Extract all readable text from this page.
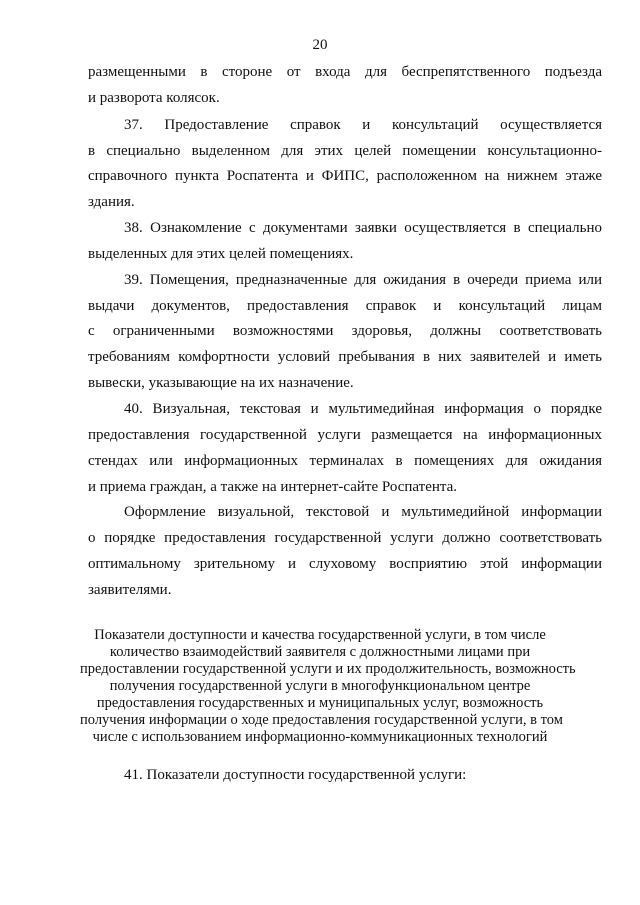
20
размещенными в стороне от входа для беспрепятственного подъезда
и разворота колясок.
37. Предоставление справок и консультаций осуществляется
в специально выделенном для этих целей помещении консультационно-
справочного пункта Роспатента и ФИПС, расположенном на нижнем этаже
здания.
38. Ознакомление с документами заявки осуществляется в специально
выделенных для этих целей помещениях.
39. Помещения, предназначенные для ожидания в очереди приема или
выдачи документов, предоставления справок и консультаций лицам
с ограниченными возможностями здоровья, должны соответствовать
требованиям комфортности условий пребывания в них заявителей и иметь
вывески, указывающие на их назначение.
40. Визуальная, текстовая и мультимедийная информация о порядке
предоставления государственной услуги размещается на информационных
стендах или информационных терминалах в помещениях для ожидания
и приема граждан, а также на интернет-сайте Роспатента.
Оформление визуальной, текстовой и мультимедийной информации
о порядке предоставления государственной услуги должно соответствовать
оптимальному зрительному и слуховому восприятию этой информации
заявителями.
Показатели доступности и качества государственной услуги, в том числе
количество взаимодействий заявителя с должностными лицами при
предоставлении государственной услуги и их продолжительность, возможность
получения государственной услуги в многофункциональном центре
предоставления государственных и муниципальных услуг, возможность
получения информации о ходе предоставления государственной услуги, в том
числе с использованием информационно-коммуникационных технологий
41. Показатели доступности государственной услуги:
